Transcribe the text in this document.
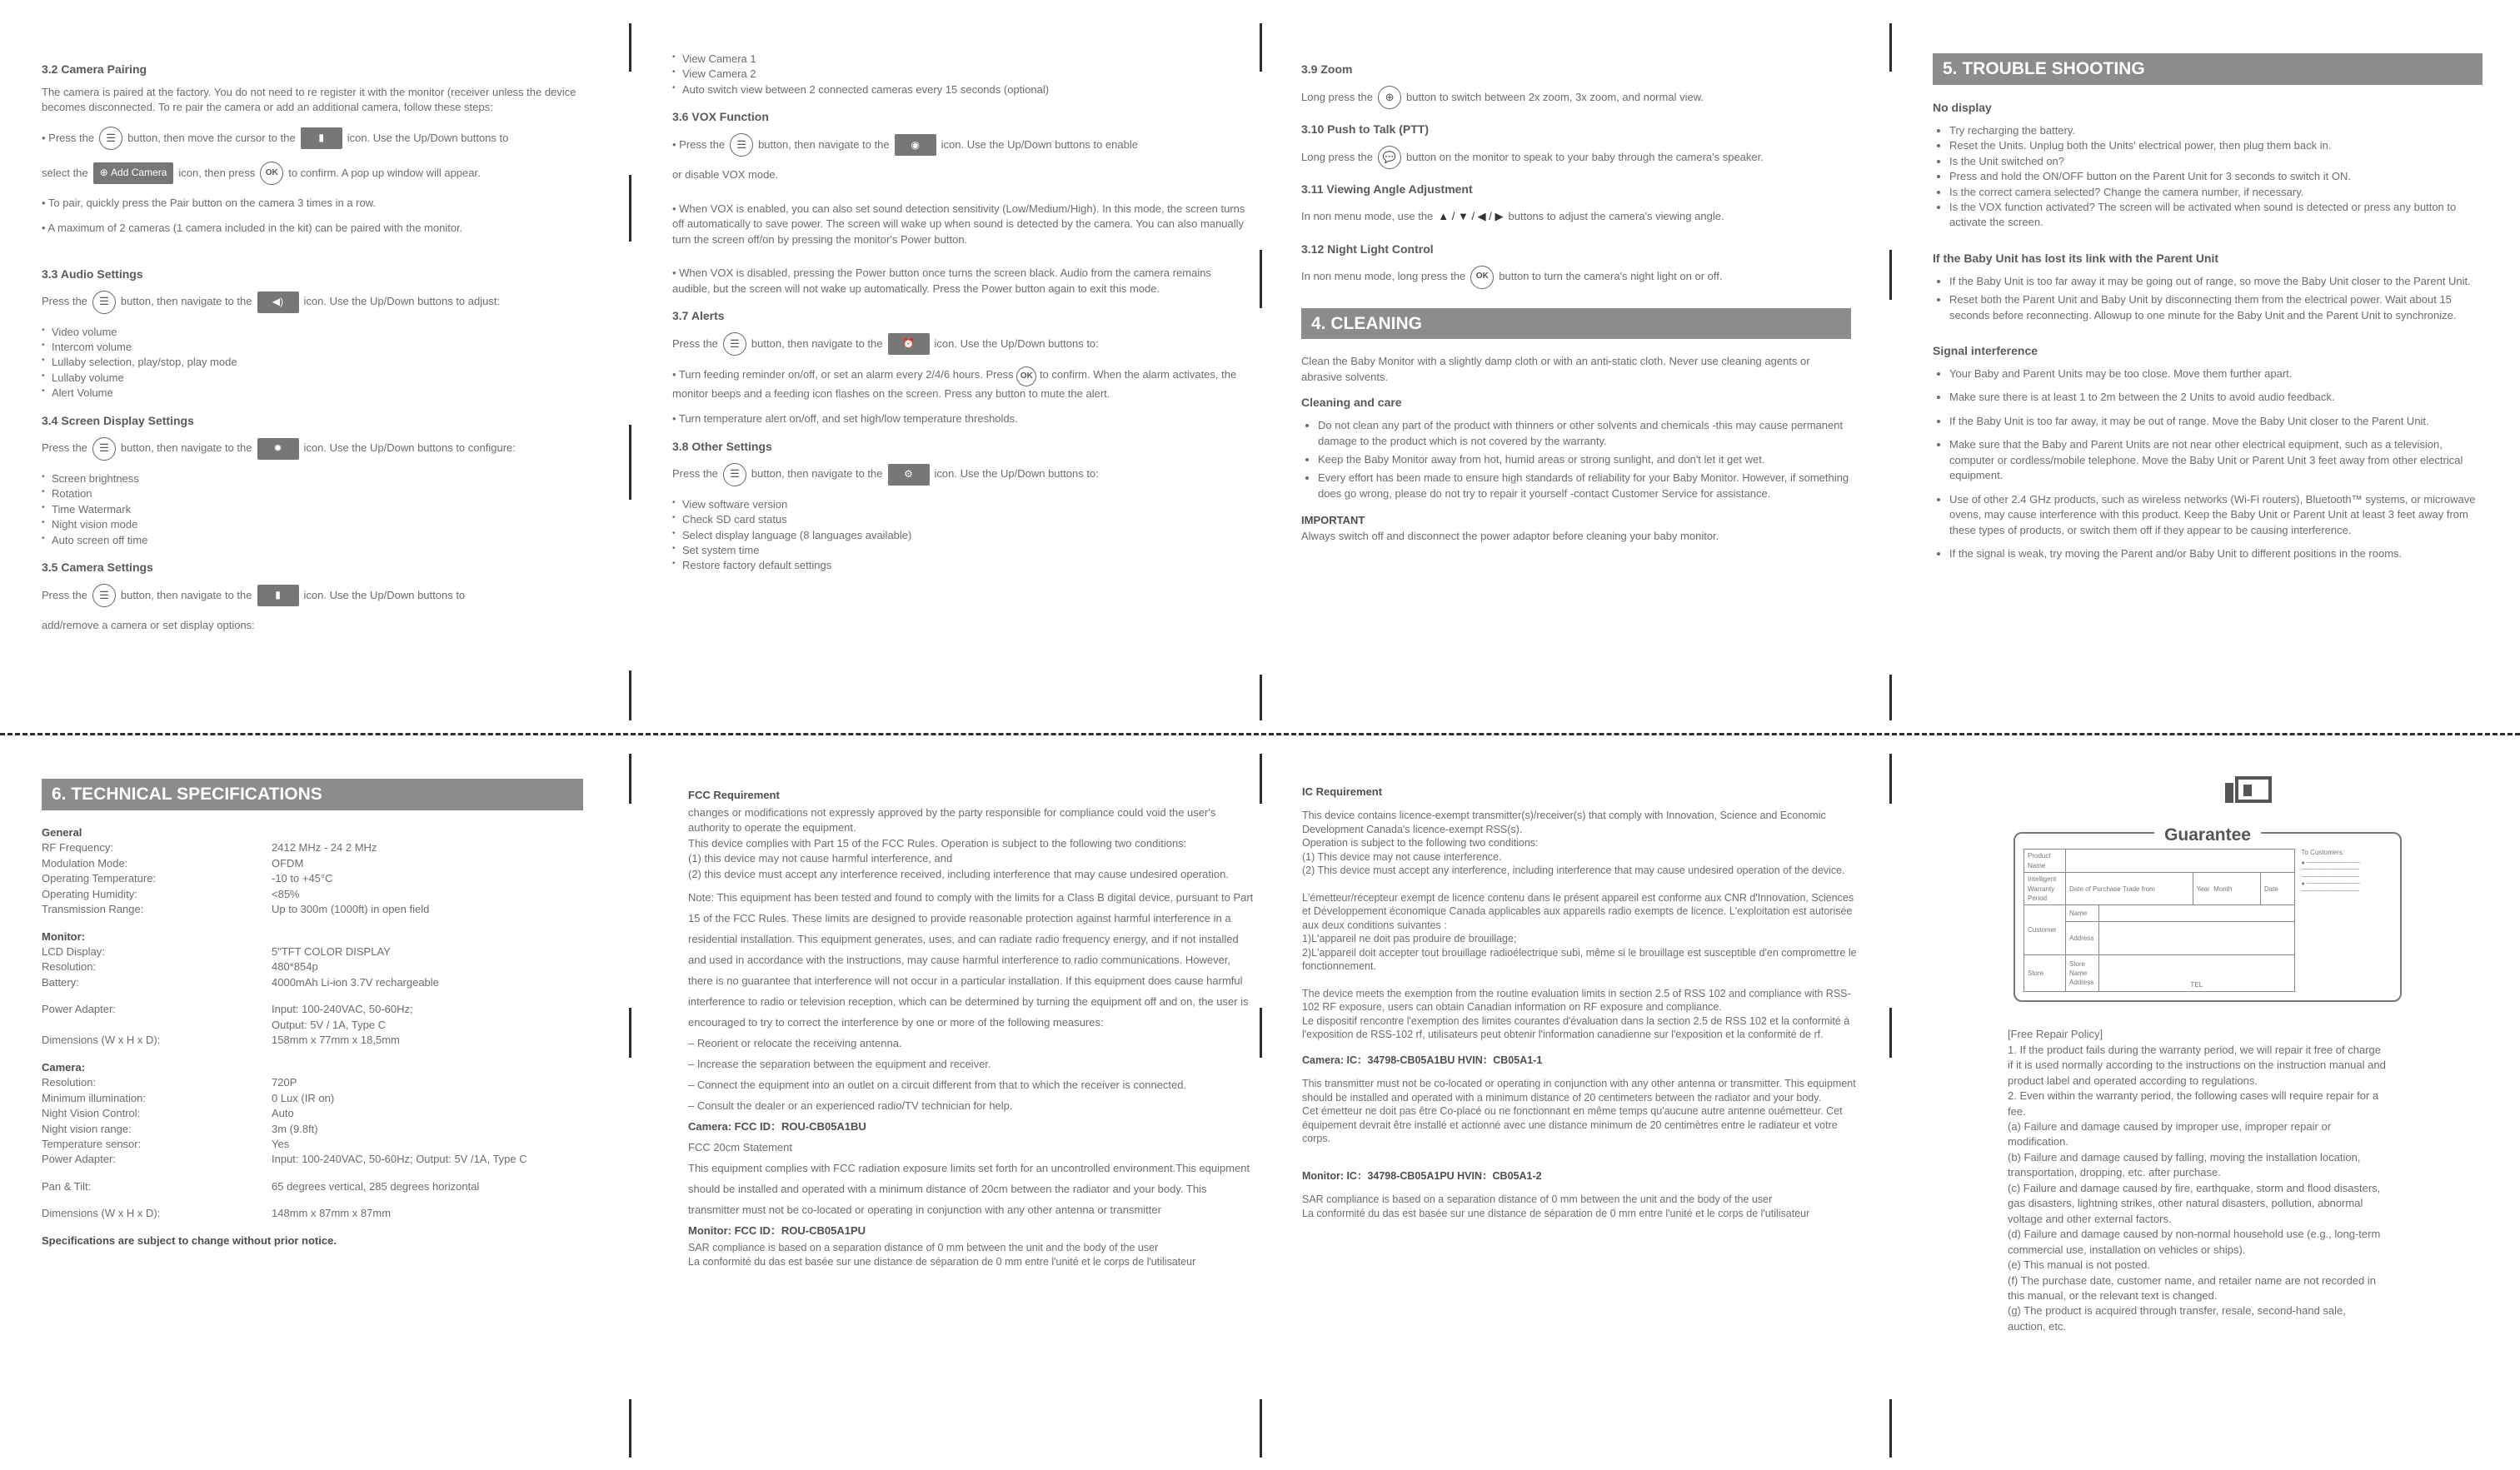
3.2 Camera Pairing

The camera is paired at the factory. You do not need to re register it with the monitor (receiver unless the device becomes disconnected. To re pair the camera or add an additional camera, follow these steps:

• Press the	☰	button, then move the cursor to the	▮	icon. Use the Up/Down buttons to
select the	⊕ Add Camera icon, then press	OK to confirm. A pop up window will appear.

• To pair, quickly press the Pair button on the camera 3 times in a row.

• A maximum of 2 cameras (1 camera included in the kit) can be paired with the monitor.

3.3 Audio Settings
Press the	☰	button, then navigate to the	◀)	icon. Use the Up/Down buttons to adjust:
• Video volume
• Intercom volume
• Lullaby selection, play/stop, play mode
• Lullaby volume
• Alert Volume
3.4 Screen Display Settings
Press the	☰	button, then navigate to the	✹	icon. Use the Up/Down buttons to configure:
• Screen brightness
• Rotation
• Time Watermark
• Night vision mode
• Auto screen off time
3.5 Camera Settings
Press the	☰	button, then navigate to the	▮	icon. Use the Up/Down buttons to

add/remove a camera or set display options:

• View Camera 1
• View Camera 2
• Auto switch view between 2 connected cameras every 15 seconds (optional)
3.6 VOX Function
• Press the	☰	button, then navigate to the	◉	icon. Use the Up/Down buttons to enable

or disable VOX mode.

• When VOX is enabled, you can also set sound detection sensitivity (Low/Medium/High). In this mode, the screen turns off automatically to save power. The screen will wake up when sound is detected by the camera. You can also manually turn the screen off/on by pressing the monitor's Power button.

• When VOX is disabled, pressing the Power button once turns the screen black. Audio from the camera remains audible, but the screen will not wake up automatically. Press the Power button again to exit this mode.

3.7 Alerts
Press the	☰	button, then navigate to the	⏰	icon. Use the Up/Down buttons to:

• Turn feeding reminder on/off, or set an alarm every 2/4/6 hours. Press OK to confirm. When the alarm activates, the monitor beeps and a feeding icon flashes on the screen. Press any button to mute the alert.

• Turn temperature alert on/off, and set high/low temperature thresholds.

3.8 Other Settings
Press the	☰	button, then navigate to the	⚙	icon. Use the Up/Down buttons to:
• View software version
• Check SD card status
• Select display language (8 languages available)
• Set system time
• Restore factory default settings
3.9 Zoom
Long press the	⊕	button to switch between 2x zoom, 3x zoom, and normal view.
3.10 Push to Talk (PTT)
Long press the 💬 button on the monitor to speak to your baby through the camera's speaker.
3.11 Viewing Angle Adjustment
In non menu mode, use the ▲ / ▼ / ◀ / ▶ buttons to adjust the camera's viewing angle.
3.12 Night Light Control
In non menu mode, long press the	OK button to turn the camera's night light on or off.
4. CLEANING

Clean the Baby Monitor with a slightly damp cloth or with an anti-static cloth. Never use cleaning agents or abrasive solvents.

Cleaning and care
• Do not clean any part of the product with thinners or other solvents and chemicals -this may cause permanent damage to the product which is not covered by the warranty.
• Keep the Baby Monitor away from hot, humid areas or strong sunlight, and don't let it get wet.
• Every effort has been made to ensure high standards of reliability for your Baby Monitor. However, if something does go wrong, please do not try to repair it yourself -contact Customer Service for assistance.
IMPORTANT

Always switch off and disconnect the power adaptor before cleaning your baby monitor.

5. TROUBLE SHOOTING
No display
• Try recharging the battery.
• Reset the Units. Unplug both the Units' electrical power, then plug them back in.
• Is the Unit switched on?
• Press and hold the ON/OFF button on the Parent Unit for 3 seconds to switch it ON.
• Is the correct camera selected? Change the camera number, if necessary.
• Is the VOX function activated? The screen will be activated when sound is detected or press any button to activate the screen.
If the Baby Unit has lost its link with the Parent Unit
• If the Baby Unit is too far away it may be going out of range, so move the Baby Unit closer to the Parent Unit.
• Reset both the Parent Unit and Baby Unit by disconnecting them from the electrical power. Wait about 15 seconds before reconnecting. Allowup to one minute for the Baby Unit and the Parent Unit to synchronize.
Signal interference
• Your Baby and Parent Units may be too close. Move them further apart.
• Make sure there is at least 1 to 2m between the 2 Units to avoid audio feedback.
• If the Baby Unit is too far away, it may be out of range. Move the Baby Unit closer to the Parent Unit.
• Make sure that the Baby and Parent Units are not near other electrical equipment, such as a television, computer or cordless/mobile telephone. Move the Baby Unit or Parent Unit 3 feet away from other electrical equipment.
• Use of other 2.4 GHz products, such as wireless networks (Wi-Fi routers), Bluetooth™ systems, or microwave ovens, may cause interference with this product. Keep the Baby Unit or Parent Unit at least 3 feet away from these types of products, or switch them off if they appear to be causing interference.
• If the signal is weak, try moving the Parent and/or Baby Unit to different positions in the rooms.
6. TECHNICAL SPECIFICATIONS
General
RF Frequency:	2412 MHz - 24 2 MHz
Modulation Mode:	OFDM
Operating Temperature:	-10 to +45°C
Operating Humidity:	<85%
Transmission Range:	Up to 300m (1000ft) in open field
Monitor:
LCD Display:	5"TFT COLOR DISPLAY
Resolution:	480*854p
Battery:	4000mAh Li-ion 3.7V rechargeable
Power Adapter:	Input: 100-240VAC, 50-60Hz;
Output: 5V / 1A, Type C
Dimensions (W x H x D):	158mm x 77mm x 18,5mm
Camera:
Resolution:	720P
Minimum illumination:	0 Lux (IR on)
Night Vision Control:	Auto
Night vision range:	3m (9.8ft)
Temperature sensor:	Yes
Power Adapter:	Input: 100-240VAC, 50-60Hz; Output: 5V /1A, Type C
Pan & Tilt:	65 degrees vertical, 285 degrees horizontal
Dimensions (W x H x D):	148mm x 87mm x 87mm
Specifications are subject to change without prior notice.
FCC Requirement
changes or modifications not expressly approved by the party responsible for compliance could void the user's authority to operate the equipment.
This device complies with Part 15 of the FCC Rules. Operation is subject to the following two conditions:
(1) this device may not cause harmful interference, and
(2) this device must accept any interference received, including interference that may cause undesired operation.
Note: This equipment has been tested and found to comply with the limits for a Class B digital device, pursuant to Part 15 of the FCC Rules. These limits are designed to provide reasonable protection against harmful interference in a residential installation. This equipment generates, uses, and can radiate radio frequency energy, and if not installed and used in accordance with the instructions, may cause harmful interference to radio communications. However, there is no guarantee that interference will not occur in a particular installation. If this equipment does cause harmful interference to radio or television reception, which can be determined by turning the equipment off and on, the user is encouraged to try to correct the interference by one or more of the following measures:
– Reorient or relocate the receiving antenna.
– Increase the separation between the equipment and receiver.
– Connect the equipment into an outlet on a circuit different from that to which the receiver is connected.
– Consult the dealer or an experienced radio/TV technician for help.
Camera: FCC ID：ROU-CB05A1BU
FCC 20cm Statement
This equipment complies with FCC radiation exposure limits set forth for an uncontrolled environment.This equipment should be installed and operated with a minimum distance of 20cm between the radiator and your body. This transmitter must not be co-located or operating in conjunction with any other antenna or transmitter
Monitor: FCC ID：ROU-CB05A1PU
SAR compliance is based on a separation distance of 0 mm between the unit and the body of the user
La conformité du das est basée sur une distance de séparation de 0 mm entre l'unité et le corps de l'utilisateur
IC Requirement
This device contains licence-exempt transmitter(s)/receiver(s) that comply with Innovation, Science and Economic Development Canada's licence-exempt RSS(s).
Operation is subject to the following two conditions:
(1) This device may not cause interference.
(2) This device must accept any interference, including interference that may cause undesired operation of the device.
L'émetteur/récepteur exempt de licence contenu dans le présent appareil est conforme aux CNR d'Innovation, Sciences et Développement économique Canada applicables aux appareils radio exempts de licence. L'exploitation est autorisée aux deux conditions suivantes :
1)L'appareil ne doit pas produire de brouillage;
2)L'appareil doit accepter tout brouillage radioélectrique subi, même si le brouillage est susceptible d'en compromettre le fonctionnement.
The device meets the exemption from the routine evaluation limits in section 2.5 of RSS 102 and compliance with RSS-102 RF exposure, users can obtain Canadian information on RF exposure and compliance.
Le dispositif rencontre l'exemption des limites courantes d'évaluation dans la section 2.5 de RSS 102 et la conformité à l'exposition de RSS-102 rf, utilisateurs peut obtenir l'information canadienne sur l'exposition et la conformité de rf.
Camera: IC：34798-CB05A1BU HVIN：CB05A1-1
This transmitter must not be co-located or operating in conjunction with any other antenna or transmitter. This equipment should be installed and operated with a minimum distance of 20 centimeters between the radiator and your body.
Cet émetteur ne doit pas être Co-placé ou ne fonctionnant en même temps qu'aucune autre antenne ouémetteur. Cet équipement devrait être installé et actionné avec une distance minimum de 20 centimètres entre le radiateur et votre corps.
Monitor: IC：34798-CB05A1PU HVIN：CB05A1-2
SAR compliance is based on a separation distance of 0 mm between the unit and the body of the user
La conformité du das est basée sur une distance de séparation de 0 mm entre l'unité et le corps de l'utilisateur
Guarantee
Product Name				
Intelligent Warranty Period	Date of Purchase Trade from		Year Month	Date
Customer	Name			
	Address			
Store	Store Name Address	TEL		
To Customers:
● ─────────────
──────────────
──────────────
● ─────────────
──────────────
[Free Repair Policy]
1. If the product fails during the warranty period, we will repair it free of charge if it is used normally according to the instructions on the instruction manual and product label and operated according to regulations.
2. Even within the warranty period, the following cases will require repair for a fee.
(a) Failure and damage caused by improper use, improper repair or modification.
(b) Failure and damage caused by falling, moving the installation location, transportation, dropping, etc. after purchase.
(c) Failure and damage caused by fire, earthquake, storm and flood disasters, gas disasters, lightning strikes, other natural disasters, pollution, abnormal voltage and other external factors.
(d) Failure and damage caused by non-normal household use (e.g., long-term commercial use, installation on vehicles or ships).
(e) This manual is not posted.
(f) The purchase date, customer name, and retailer name are not recorded in this manual, or the relevant text is changed.
(g) The product is acquired through transfer, resale, second-hand sale, auction, etc.
